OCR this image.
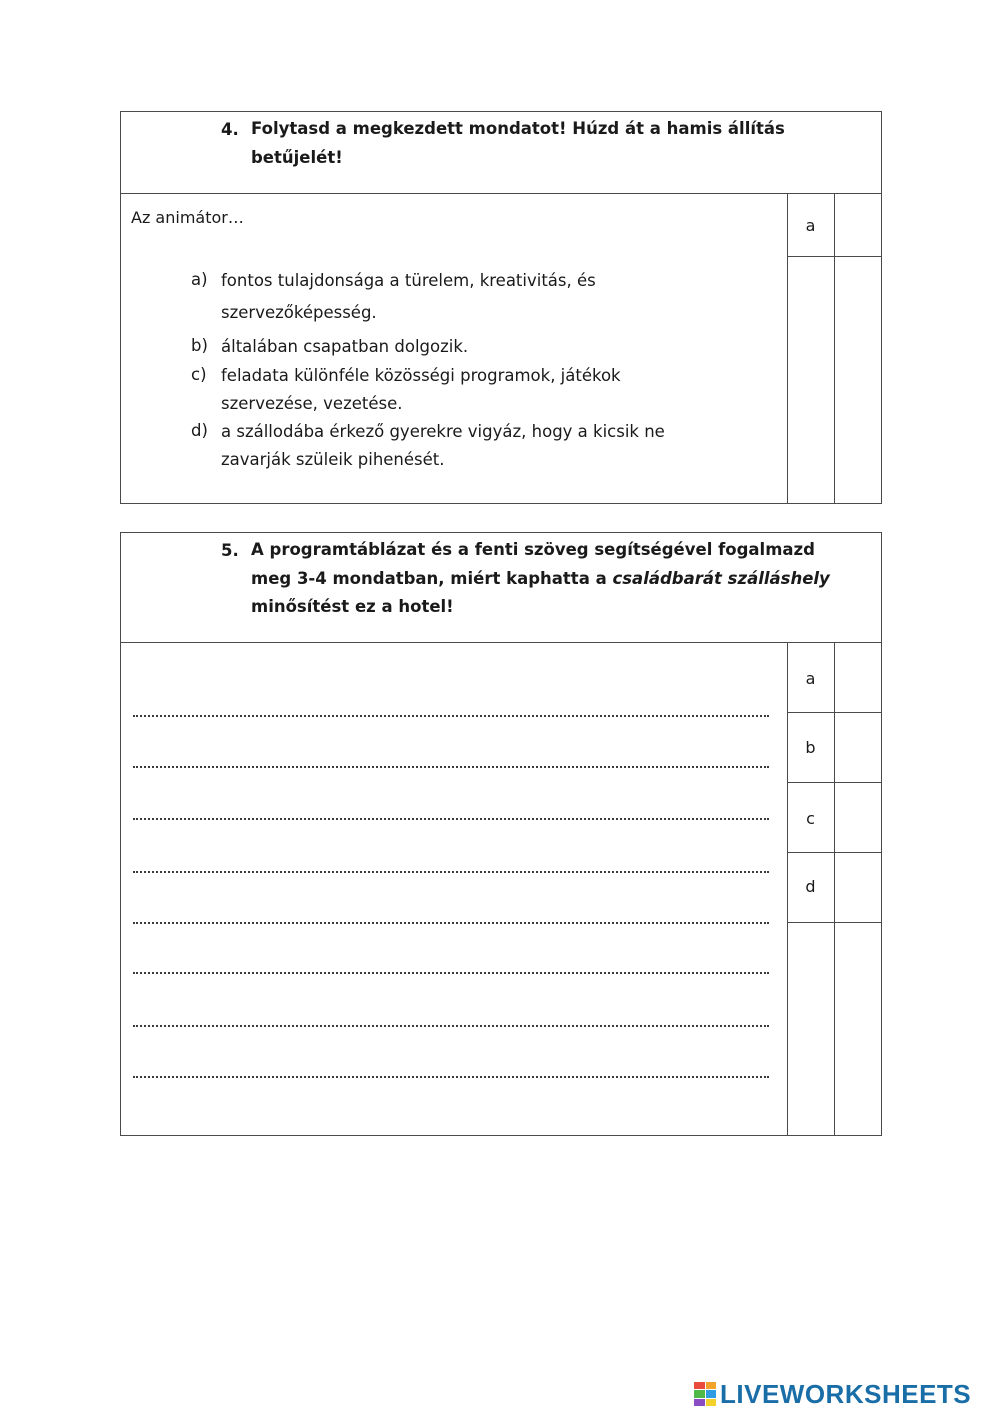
4. Folytasd a megkezdett mondatot! Húzd át a hamis állítás
betűjelét!
a
Az animátor…
a) fontos tulajdonsága a türelem, kreativitás, és
szervezőképesség.
b) általában csapatban dolgozik.
c) feladata különféle közösségi programok, játékok
szervezése, vezetése.
d) a szállodába érkező gyerekre vigyáz, hogy a kicsik ne
zavarják szüleik pihenését.
5. A programtáblázat és a fenti szöveg segítségével fogalmazd
meg 3-4 mondatban, miért kaphatta a családbarát szálláshely
minősítést ez a hotel!
a
b
c
d
LIVEWORKSHEETS
